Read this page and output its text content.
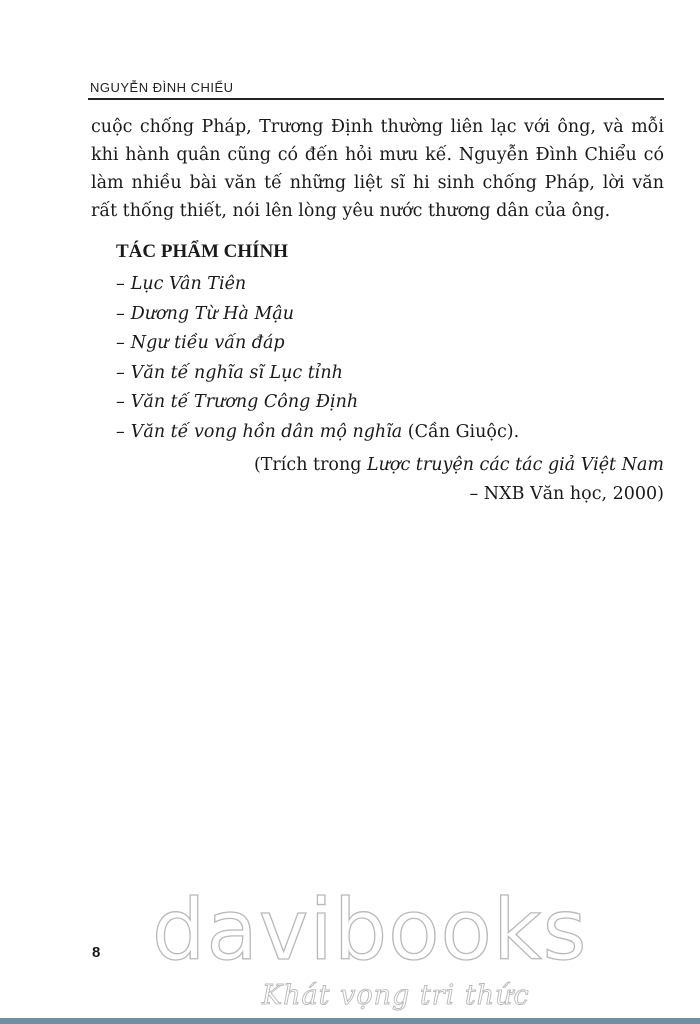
NGUYỄN ĐÌNH CHIỂU

cuộc chống Pháp, Trương Định thường liên lạc với ông, và mỗi
khi hành quân cũng có đến hỏi mưu kế. Nguyễn Đình Chiểu có
làm nhiều bài văn tế những liệt sĩ hi sinh chống Pháp, lời văn
rất thống thiết, nói lên lòng yêu nước thương dân của ông.

TÁC PHẨM CHÍNH
– Lục Vân Tiên
– Dương Từ Hà Mậu
– Ngư tiều vấn đáp
– Văn tế nghĩa sĩ Lục tỉnh
– Văn tế Trương Công Định
– Văn tế vong hồn dân mộ nghĩa (Cần Giuộc).
(Trích trong Lược truyện các tác giả Việt Nam
– NXB Văn học, 2000)
8 davibooks
Khát vọng tri thức
